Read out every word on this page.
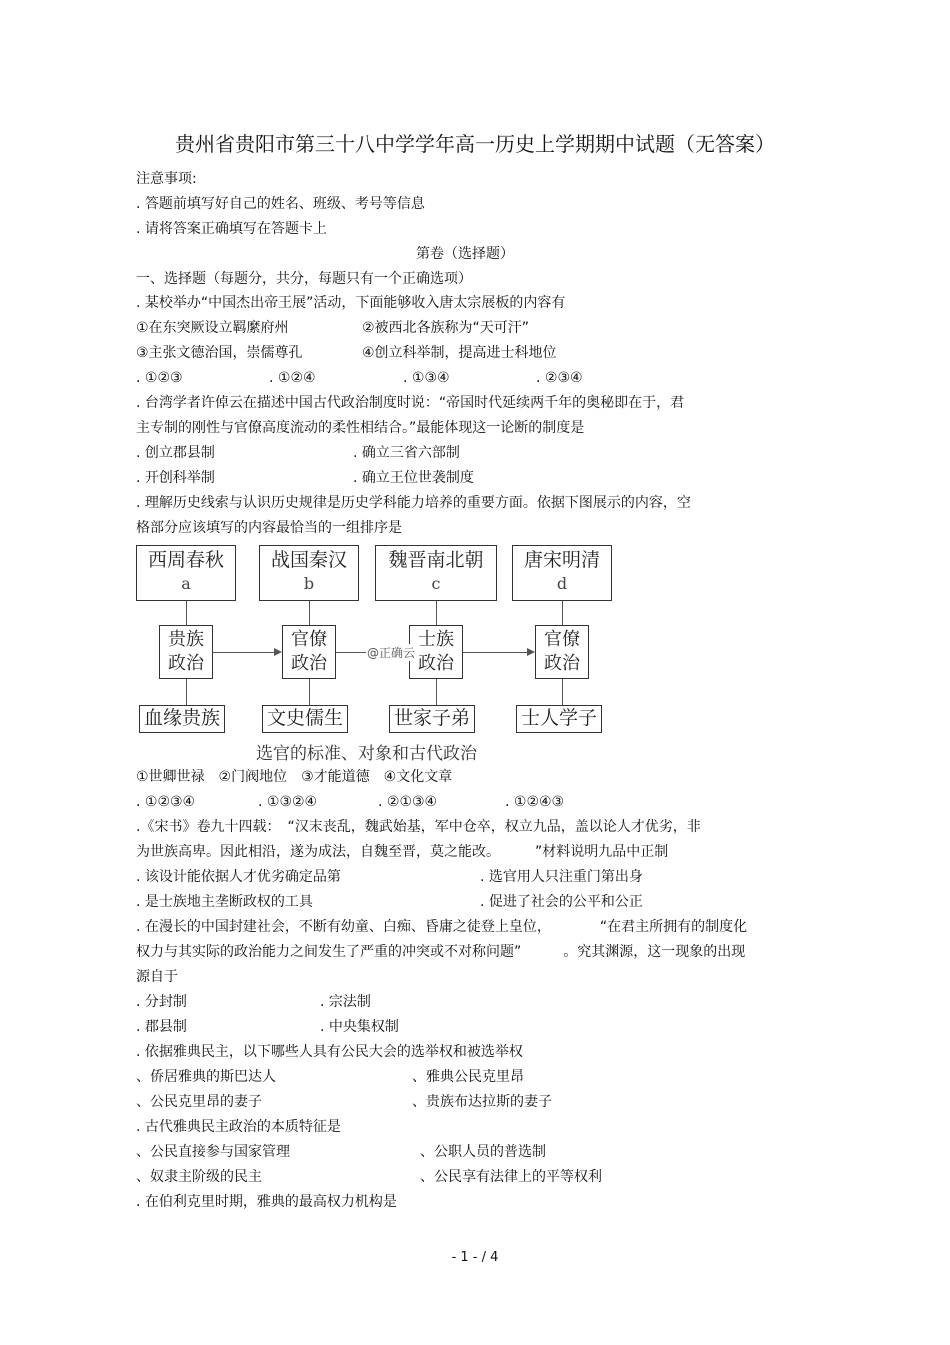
贵州省贵阳市第三十八中学学年高一历史上学期期中试题（无答案）
注意事项:
. 答题前填写好自己的姓名、班级、考号等信息
. 请将答案正确填写在答题卡上
第卷（选择题）
一、选择题（每题分，共分，每题只有一个正确选项）
. 某校举办“中国杰出帝王展”活动，下面能够收入唐太宗展板的内容有
①在东突厥设立羁縻府州	②被西北各族称为“天可汗”
③主张文德治国，崇儒尊孔	④创立科举制，提高进士科地位
. ①②③	. ①②④	. ①③④	. ②③④
. 台湾学者许倬云在描述中国古代政治制度时说：“帝国时代延续两千年的奥秘即在于，君
主专制的刚性与官僚高度流动的柔性相结合。”最能体现这一论断的制度是
. 创立郡县制	. 确立三省六部制
. 开创科举制	. 确立王位世袭制度
. 理解历史线索与认识历史规律是历史学科能力培养的重要方面。依据下图展示的内容，空
格部分应该填写的内容最恰当的一组排序是
西周春秋
a
战国秦汉
b
魏晋南北朝
c
唐宋明清
d
贵族
政治
官僚
政治
士族
政治
官僚
政治
@正确云
血缘贵族 文史儒生	世家子弟	士人学子
选官的标准、对象和古代政治
①世卿世禄　②门阀地位　③才能道德　④文化文章
. ①②③④	. ①③②④	. ②①③④	. ①②④③
.《宋书》卷九十四载：　“汉末丧乱，魏武始基，军中仓卒，权立九品，盖以论人才优劣，非
为世族高卑。因此相沿，遂为成法，自魏至晋，莫之能改。　　　”材料说明九品中正制
. 该设计能依据人才优劣确定品第	. 选官用人只注重门第出身
. 是士族地主垄断政权的工具	. 促进了社会的公平和公正
. 在漫长的中国封建社会，不断有幼童、白痴、昏庸之徒登上皇位，　　　　“在君主所拥有的制度化
权力与其实际的政治能力之间发生了严重的冲突或不对称问题”　　　。究其渊源，这一现象的出现
源自于
. 分封制	. 宗法制
. 郡县制	. 中央集权制
. 依据雅典民主，以下哪些人具有公民大会的选举权和被选举权
、侨居雅典的斯巴达人	、雅典公民克里昂
、公民克里昂的妻子	、贵族布达拉斯的妻子
. 古代雅典民主政治的本质特征是
、公民直接参与国家管理	、公职人员的普选制
、奴隶主阶级的民主	、公民享有法律上的平等权利
. 在伯利克里时期，雅典的最高权力机构是
- 1 - / 4
